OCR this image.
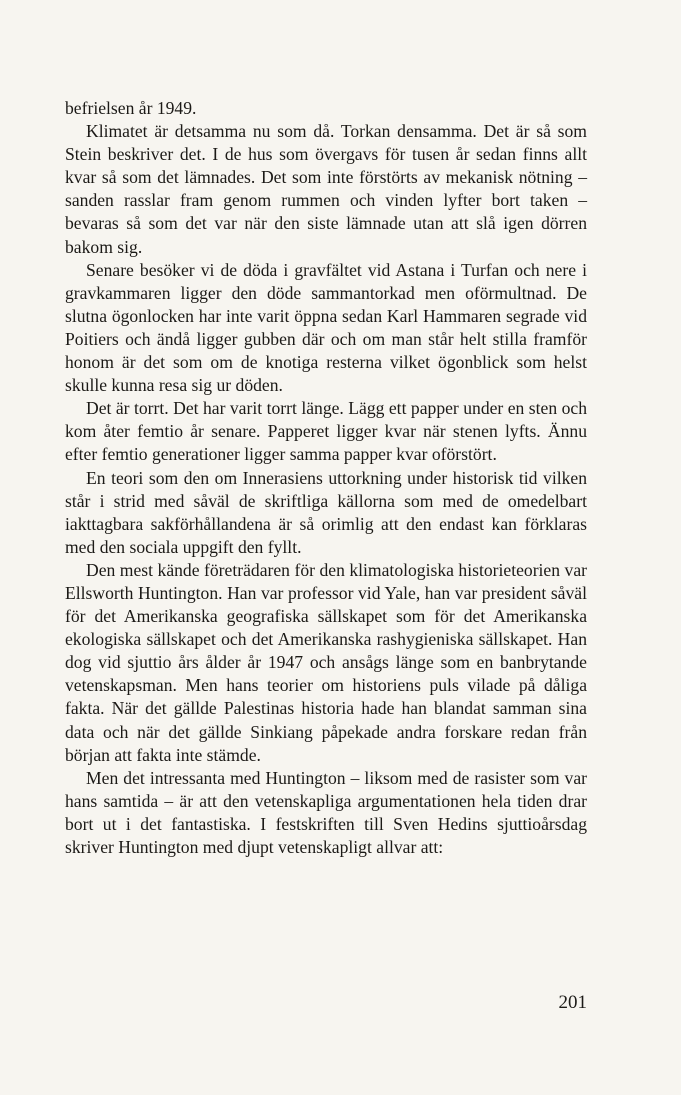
befrielsen år 1949.

Klimatet är detsamma nu som då. Torkan densamma. Det är så som Stein beskriver det. I de hus som övergavs för tusen år sedan finns allt kvar så som det lämnades. Det som inte förstörts av mekanisk nötning – sanden rasslar fram genom rummen och vinden lyfter bort taken – bevaras så som det var när den siste lämnade utan att slå igen dörren bakom sig.

Senare besöker vi de döda i gravfältet vid Astana i Turfan och nere i gravkammaren ligger den döde sammantorkad men oförmultnad. De slutna ögonlocken har inte varit öppna sedan Karl Hammaren segrade vid Poitiers och ändå ligger gubben där och om man står helt stilla framför honom är det som om de knotiga resterna vilket ögonblick som helst skulle kunna resa sig ur döden.

Det är torrt. Det har varit torrt länge. Lägg ett papper under en sten och kom åter femtio år senare. Papperet ligger kvar när stenen lyfts. Ännu efter femtio generationer ligger samma papper kvar oförstört.

En teori som den om Innerasiens uttorkning under historisk tid vilken står i strid med såväl de skriftliga källorna som med de omedelbart iakttagbara sakförhållandena är så orimlig att den endast kan förklaras med den sociala uppgift den fyllt.

Den mest kände företrädaren för den klimatologiska historieteorien var Ellsworth Huntington. Han var professor vid Yale, han var president såväl för det Amerikanska geografiska sällskapet som för det Amerikanska ekologiska sällskapet och det Amerikanska rashygieniska sällskapet. Han dog vid sjuttio års ålder år 1947 och ansågs länge som en banbrytande vetenskapsman. Men hans teorier om historiens puls vilade på dåliga fakta. När det gällde Palestinas historia hade han blandat samman sina data och när det gällde Sinkiang påpekade andra forskare redan från början att fakta inte stämde.

Men det intressanta med Huntington – liksom med de rasister som var hans samtida – är att den vetenskapliga argumentationen hela tiden drar bort ut i det fantastiska. I festskriften till Sven Hedins sjuttioårsdag skriver Huntington med djupt vetenskapligt allvar att:

201
